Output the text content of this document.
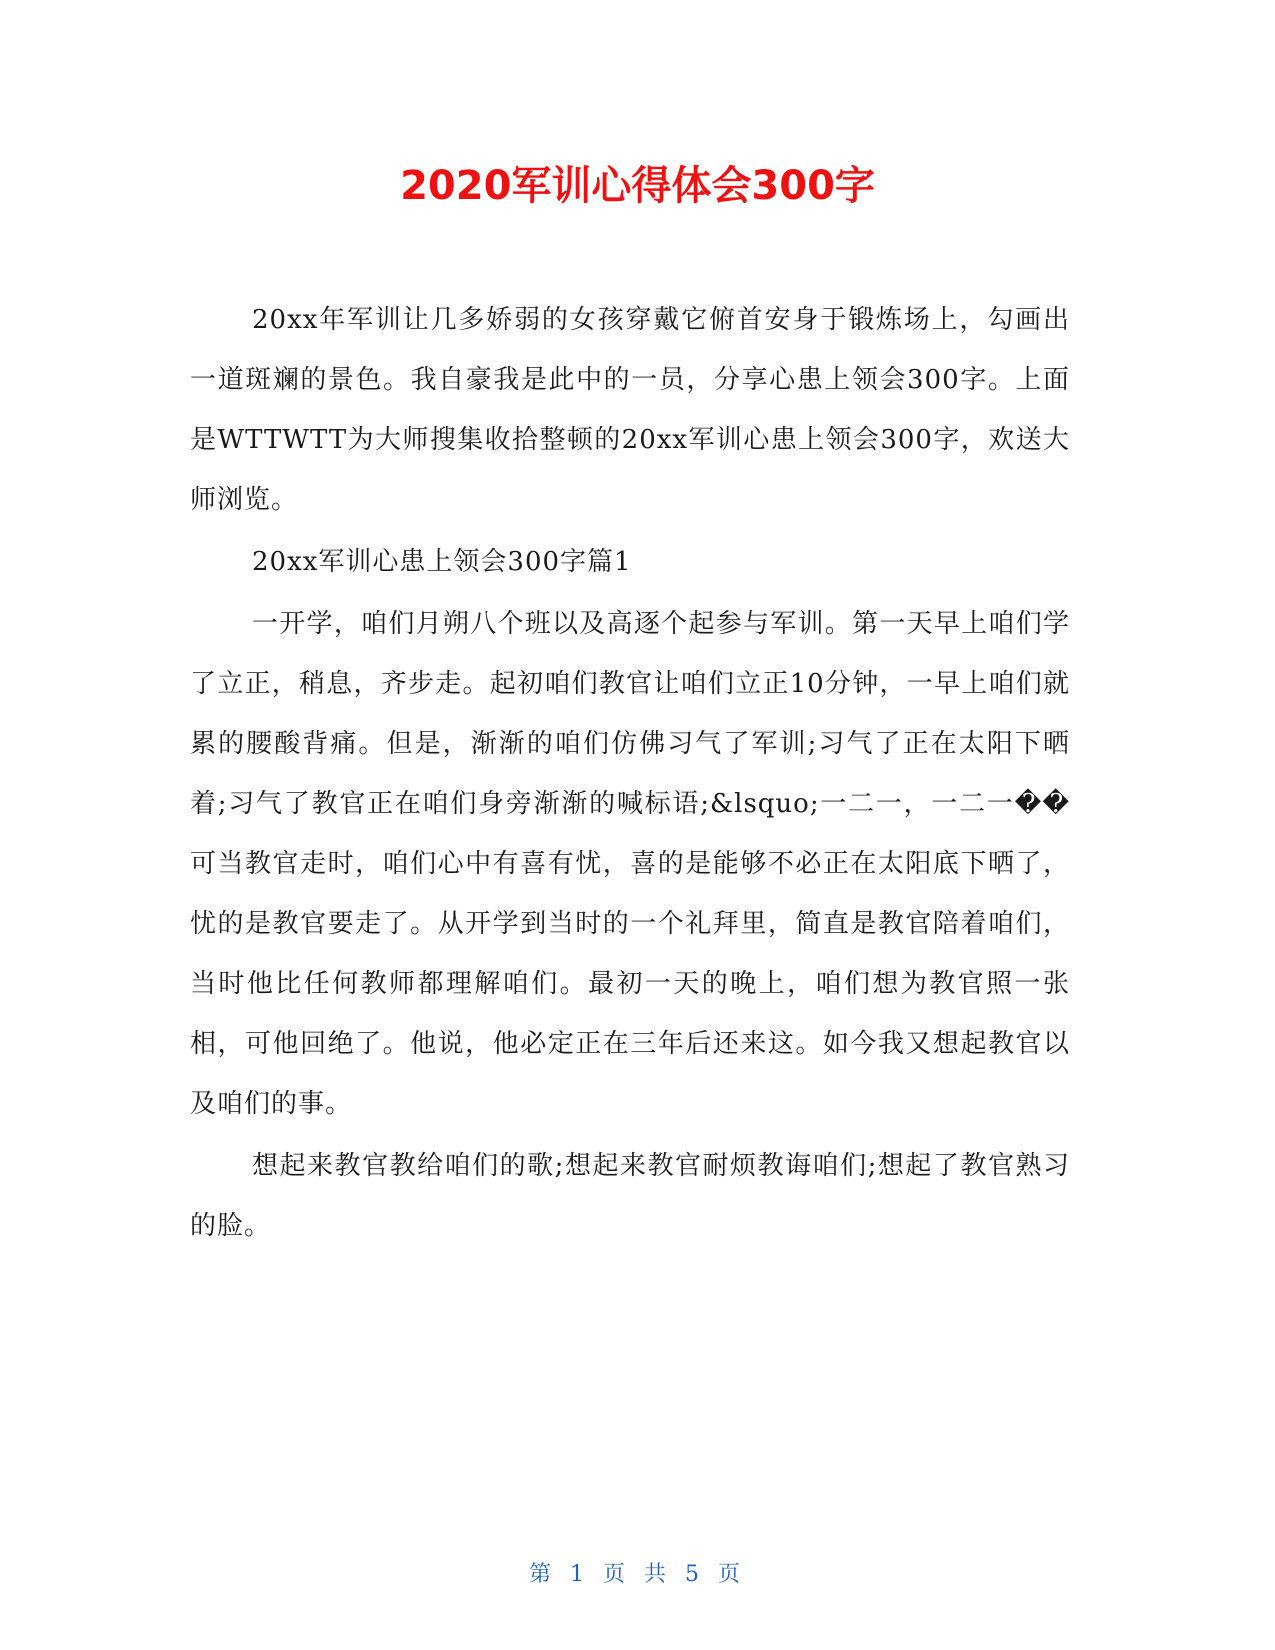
2020军训心得体会300字

20xx年军训让几多娇弱的女孩穿戴它俯首安身于锻炼场上，勾画出一道斑斓的景色。我自豪我是此中的一员，分享心患上领会300字。上面是WTTWTT为大师搜集收拾整顿的20xx军训心患上领会300字，欢送大师浏览。

20xx军训心患上领会300字篇1

一开学，咱们月朔八个班以及高逐个起参与军训。第一天早上咱们学了立正，稍息，齐步走。起初咱们教官让咱们立正10分钟，一早上咱们就累的腰酸背痛。但是，渐渐的咱们仿佛习气了军训;习气了正在太阳下晒着;习气了教官正在咱们身旁渐渐的喊标语;&lsquo;一二一，一二一��可当教官走时，咱们心中有喜有忧，喜的是能够不必正在太阳底下晒了，忧的是教官要走了。从开学到当时的一个礼拜里，简直是教官陪着咱们，当时他比任何教师都理解咱们。最初一天的晚上，咱们想为教官照一张相，可他回绝了。他说，他必定正在三年后还来这。如今我又想起教官以及咱们的事。

想起来教官教给咱们的歌;想起来教官耐烦教诲咱们;想起了教官熟习的脸。

第 1 页 共 5 页
